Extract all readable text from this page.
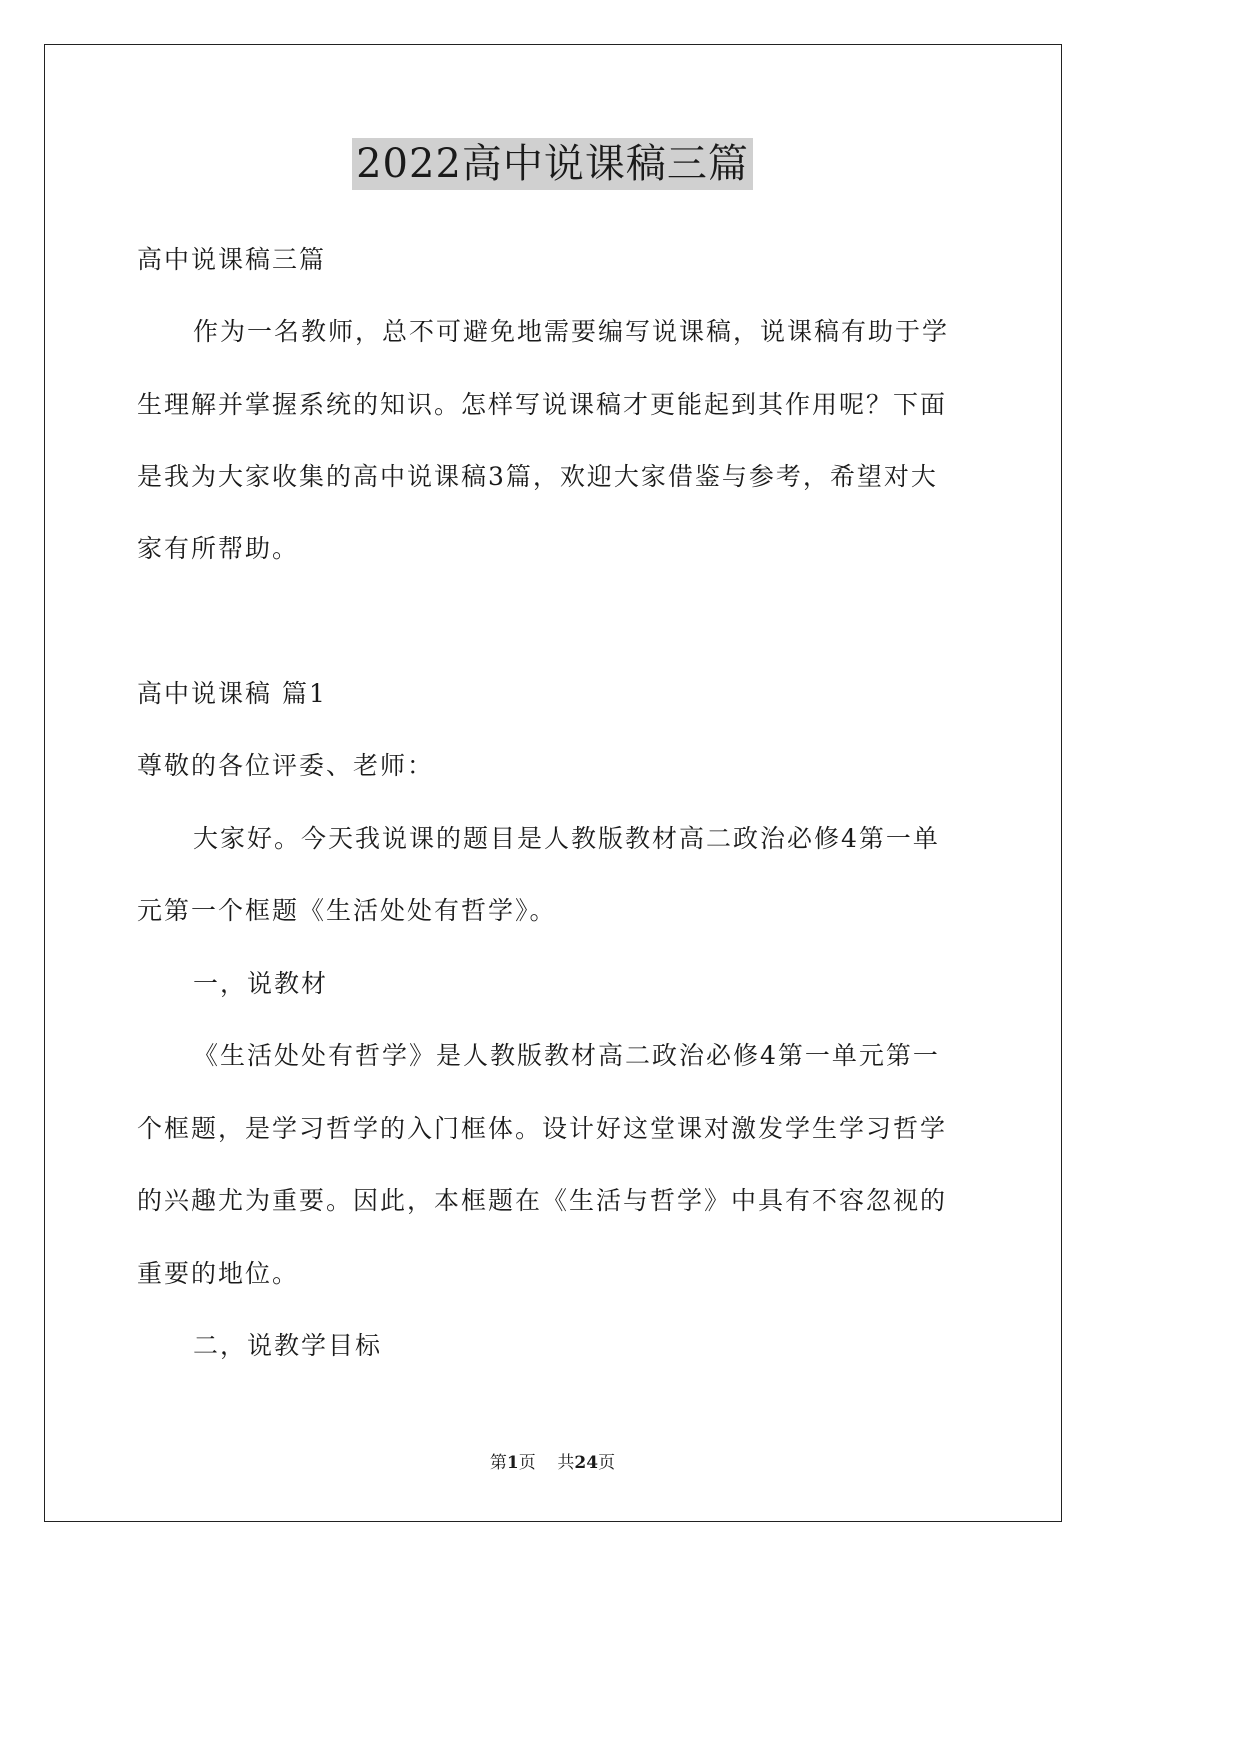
2022高中说课稿三篇
高中说课稿三篇
作为一名教师，总不可避免地需要编写说课稿，说课稿有助于学
生理解并掌握系统的知识。怎样写说课稿才更能起到其作用呢？下面
是我为大家收集的高中说课稿3篇，欢迎大家借鉴与参考，希望对大
家有所帮助。
高中说课稿 篇1
尊敬的各位评委、老师：
大家好。今天我说课的题目是人教版教材高二政治必修4第一单
元第一个框题《生活处处有哲学》。
一，说教材
《生活处处有哲学》是人教版教材高二政治必修4第一单元第一
个框题，是学习哲学的入门框体。设计好这堂课对激发学生学习哲学
的兴趣尤为重要。因此，本框题在《生活与哲学》中具有不容忽视的
重要的地位。
二，说教学目标
第1页    共24页
